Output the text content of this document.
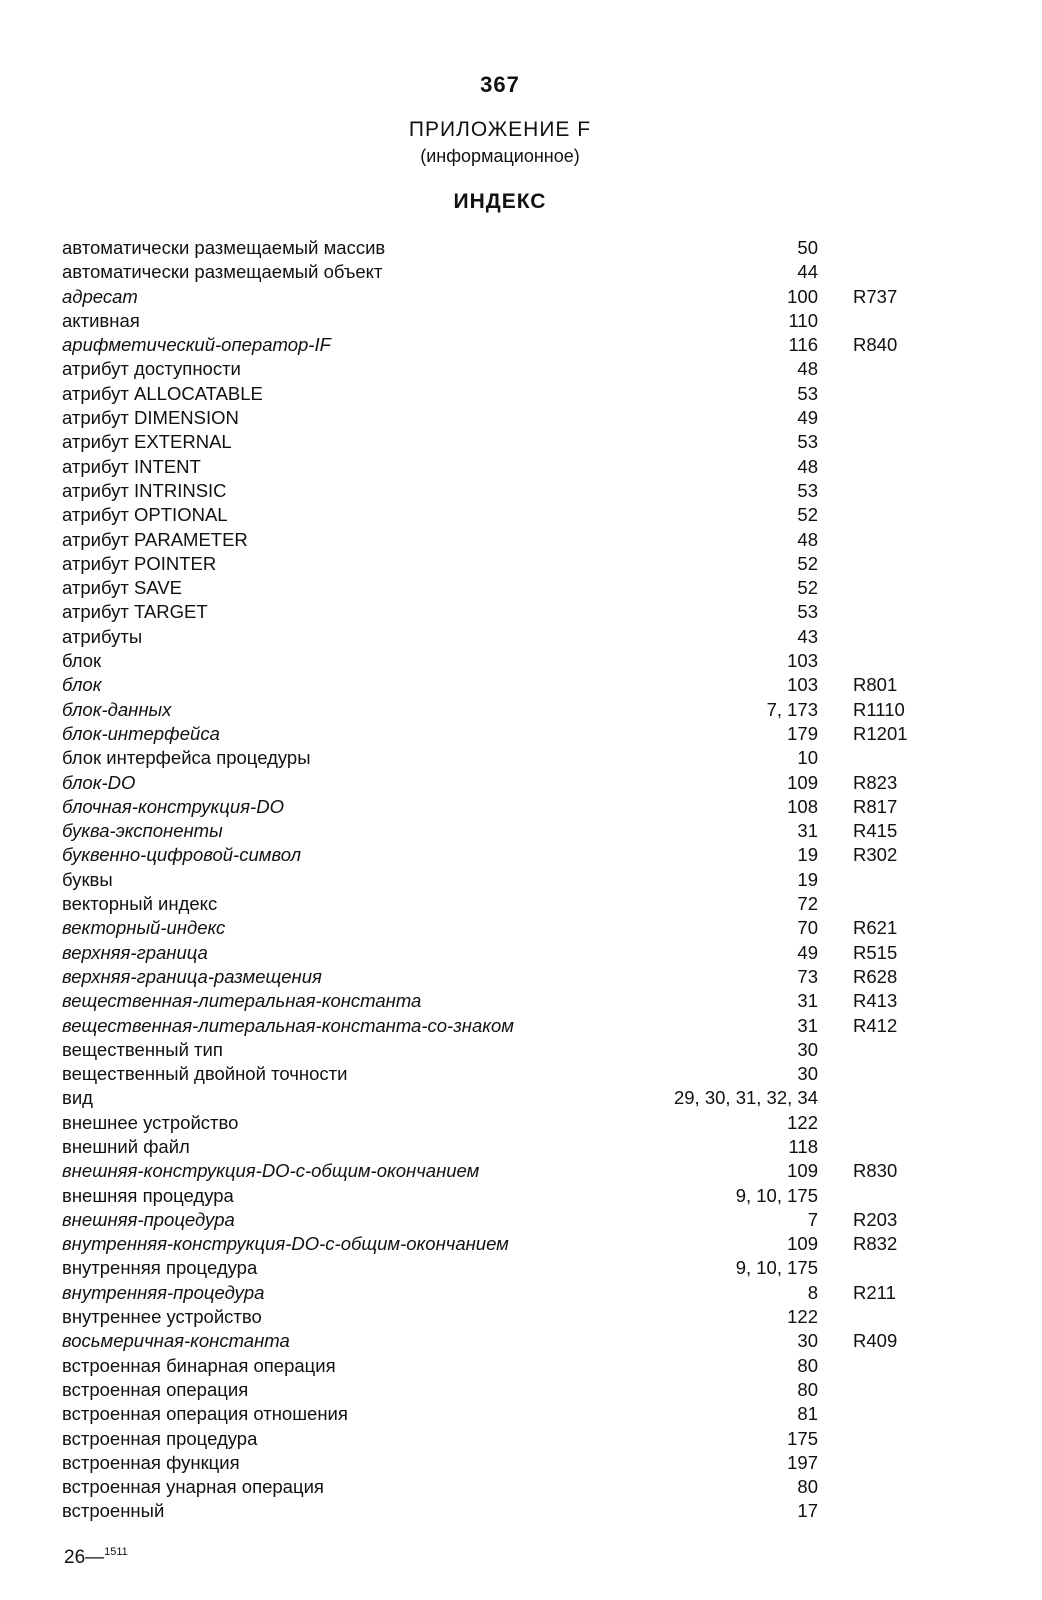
367
ПРИЛОЖЕНИЕ F
(информационное)
ИНДЕКС
автоматически размещаемый массив	50
автоматически размещаемый объект	44
адресат	100 R737
активная	110
арифметический-оператор-IF	116 R840
атрибут доступности	48
атрибут ALLOCATABLE	53
атрибут DIMENSION	49
атрибут EXTERNAL	53
атрибут INTENT	48
атрибут INTRINSIC	53
атрибут OPTIONAL	52
атрибут PARAMETER	48
атрибут POINTER	52
атрибут SAVE	52
атрибут TARGET	53
атрибуты	43
блок	103
блок	103 R801
блок-данных	7, 173 R1110
блок-интерфейса	179 R1201
блок интерфейса процедуры	10
блок-DO	109 R823
блочная-конструкция-DO	108 R817
буква-экспоненты	31 R415
буквенно-цифровой-символ	19 R302
буквы	19
векторный индекс	72
векторный-индекс	70 R621
верхняя-граница	49 R515
верхняя-граница-размещения	73 R628
вещественная-литеральная-константа	31 R413
вещественная-литеральная-константа-со-знаком	31 R412
вещественный тип	30
вещественный двойной точности	30
вид	29, 30, 31, 32, 34
внешнее устройство	122
внешний файл	118
внешняя-конструкция-DO-с-общим-окончанием	109 R830
внешняя процедура	9, 10, 175
внешняя-процедура	7 R203
внутренняя-конструкция-DO-с-общим-окончанием	109 R832
внутренняя процедура	9, 10, 175
внутренняя-процедура	8 R211
внутреннее устройство	122
восьмеричная-константа	30 R409
встроенная бинарная операция	80
встроенная операция	80
встроенная операция отношения	81
встроенная процедура	175
встроенная функция	197
встроенная унарная операция	80
встроенный	17
26—$^{1511}$
